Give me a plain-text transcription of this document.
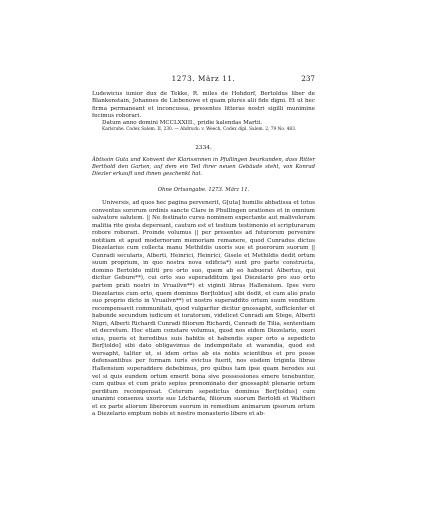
1273. März 11.	237

Ludewicus iunior dux de Tekke, R. miles de Hohdorf, Bertoldus liber de Blankenstain, Johannes de Liebenowe et quam plures alii fide digni. Et ut hec firma permaneant et inconcussa, presentes litteras nostri sigilli munimine fecimus roborari.

Datum anno domini MCCLXXIII., pridie kalendas Martii.

Karlsruhe. Codex Salem. II, 230. — Abdruck: v. Weech, Codex dipl. Salem. 2, 79 No. 483.

2334.
Äbtissin Guta und Konvent der Klarissinnen in Pfullingen beurkunden, dass Ritter Berthold den Garten, auf dem ein Teil ihrer neuen Gebäude steht, von Konrad Diezler erkauft und ihnen geschenkt hat.
Ohne Ortsangabe. 1273. März 11.

Universis, ad quos hec pagina pervenerit, G[uta] humilis abbatissa et totus conventus sororum ordinis sancte Clare in Phullingen orationes et in omnium salvatore salutem. || Ne festinato cursu nominem expectante aut malivolorum malitia rite gesta depereant, cautum est et testium testimonio et scripturarum robore roborari. Proinde volumus || per presentes ad futurorum pervenire notitiam et apud modernorum memoriam remanere, quod Cunradus dictus Diezelarius cum collecta manu Methildis uxoris sue et puerorum suorum || Cunradi secularis, Alberti, Heinrici, Heinrici, Gisele et Methildis dedit ortum suum proprium, in quo nostra nova edificia*) sunt pro parte constructa, domino Bertoldo militi pro orto suo, quem ab eo habuerat Albertus, qui dicitur Gebure**), cui orto suo superadditum ipsi Diezelario pro suo orto partem prati nostri in Vruailvn**) et viginti libras Hallensium. Ipse vero Diezelarius cum orto, quem dominus Ber[toldus] sibi dedit, et cum alio prato suo proprio dicto in Vruailvn**) et nostro superaddito ortum suum venditum recompensavit communitati, quod vulgariter dicitur gnossapht, sufficienter et habunde secundum iudicum et iuratorum, videlicet Cunradi am Stege, Alberti Nigri, Alberti Richardi Cunradi filiorum Richardi, Cunradi de Tilia, sententiam et decretum. Hoc etiam constare volumus, quod nos eidem Diezelario, uxori eius, pueris et heredibus suis habitis et habendis super orto a sepedicto Ber[toldo] sibi dato obligavimus de indempnitate et warandia, quod est wersapht, taliter ut, si idem ortus ab eis nobis scientibus et pro posse defensantibus per formam iuris evictus fuerit, nos eisdem triginta libras Hallensium superaddere debebimus, pro quibus tam ipse quam heredes sui vel si quis eundem ortum emerit bona sive possessiones emere tenebuntur, cum quibus et cum prato sepius prenominato der gnossapht plenarie ortum perditum recompensat. Ceterum sepedictus dominus Ber[toldus] cum unanimi consensu uxoris sue Ldcharda, filiorum suorum Bertoldi et Waltheri et ex parte aliorum liberorum suorum in remedium animarum ipsorum ortum a Diezelario emptum nobis et nostro monasterio libere et ab-
